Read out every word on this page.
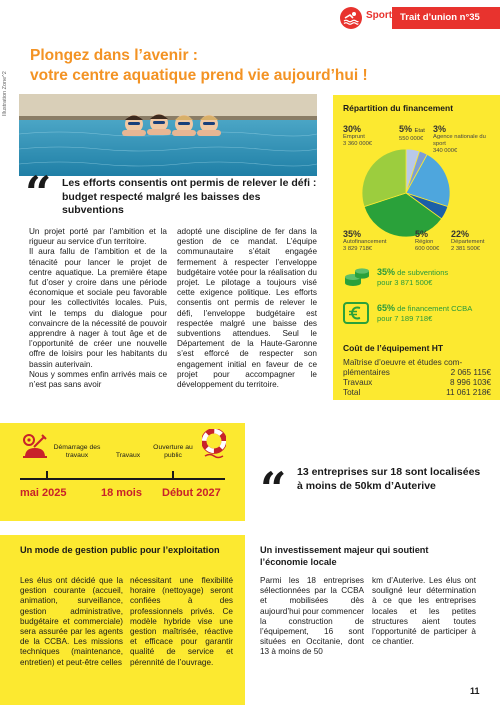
Sport Trait d’union n°35
Plongez dans l’avenir :
votre centre aquatique prend vie aujourd’hui !
Illustration Zone^2
“ Les efforts consentis ont permis de relever le défi : budget respecté malgré les baisses des subventions

Un projet porté par l’ambition et la rigueur au service d’un territoire.

Il aura fallu de l’ambition et de la ténacité pour lancer le projet de centre aquatique. La première étape fut d’oser y croire dans une période économique et sociale peu favorable pour les collectivités locales. Puis, vint le temps du dialogue pour convaincre de la nécessité de pouvoir apprendre à nager à tout âge et de l’opportunité de créer une nouvelle offre de loisirs pour les habitants du bassin auterivain.

Nous y sommes enfin arrivés mais ce n’est pas sans avoir

adopté une discipline de fer dans la gestion de ce mandat. L’équipe communautaire s’était engagée fermement à respecter l’enveloppe budgétaire votée pour la réalisation du projet. Le pilotage a toujours visé cette exigence politique. Les efforts consentis ont permis de relever le défi, l’enveloppe budgétaire est respectée malgré une baisse des subventions attendues. Seul le Département de la Haute-Garonne s’est efforcé de respecter son engagement initial en faveur de ce projet pour accompagner le développement du territoire.

Répartition du financement
30%
Emprunt
3 360 000€
5% Etat
550 000€
3%
Agence nationale du sport
340 000€
35%
Autofinancement
3 829 718€
5%
Région
600 000€
22%
Département
2 381 500€
35% de subventions
pour 3 871 500€
65% de financement CCBA
pour 7 189 718€
Coût de l’équipement HT
Maîtrise d’oeuvre et études com-
plémentaires	2 065 115€
Travaux	8 996 103€
Total	11 061 218€
Démarrage des travaux	Travaux
Ouverture au public
mai 2025	18 mois Début 2027 “ 13 entreprises sur 18 sont localisées à moins de 50km d’Auterive
Un mode de gestion public pour l’exploitation
Les élus ont décidé que la gestion courante (accueil, animation, surveillance, gestion administrative, budgétaire et commerciale) sera assurée par les agents de la CCBA. Les missions techniques (maintenance, entretien) et peut-être celles
nécessitant une flexibilité horaire (nettoyage) seront confiées à des professionnels privés. Ce modèle hybride vise une gestion maîtrisée, réactive et efficace pour garantir qualité de service et pérennité de l’ouvrage.
Un investissement majeur qui soutient l’économie locale
Parmi les 18 entreprises sélectionnées par la CCBA et mobilisées dès aujourd’hui pour commencer la construction de l’équipement, 16 sont situées en Occitanie, dont 13 à moins de 50
km d’Auterive. Les élus ont souligné leur détermination à ce que les entreprises locales et les petites structures aient toutes l’opportunité de participer à ce chantier.
11
